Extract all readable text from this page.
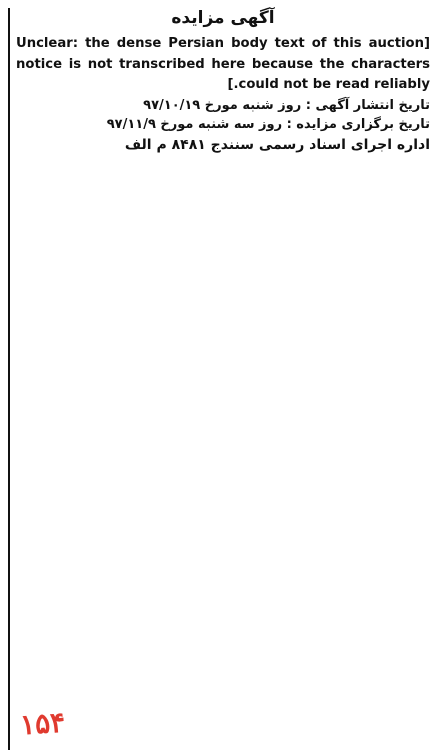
آگهی مزایده

[Unclear: the dense Persian body text of this auction notice is not transcribed here because the characters could not be read reliably.]

تاریخ انتشار آگهی : روز شنبه مورخ ۹۷/۱۰/۱۹
تاریخ برگزاری مزایده : روز سه شنبه مورخ ۹۷/۱۱/۹
اداره اجرای اسناد رسمی سنندج ۸۴۸۱ م الف
۱۵۴
